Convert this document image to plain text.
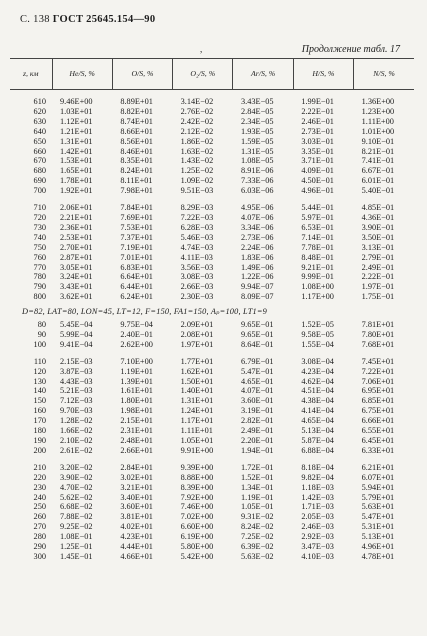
С. 138 ГОСТ 25645.154—90
,	Продолжение табл. 17
z, км	He/S, %	O/S, %	O₂/S, %	Ar/S, %	H/S, %	N/S, %

610	9.46E+00	8.89E+01	3.14E−02	3.43E−05	1.99E−01	1.36E+00
620	1.03E+01	8.82E+01	2.76E−02	2.84E−05	2.22E−01	1.23E+00
630	1.12E+01	8.74E+01	2.42E−02	2.34E−05	2.46E−01	1.11E+00
640	1.21E+01	8.66E+01	2.12E−02	1.93E−05	2.73E−01	1.01E+00
650	1.31E+01	8.56E+01	1.86E−02	1.59E−05	3.03E−01	9.10E−01
660	1.42E+01	8.46E+01	1.63E−02	1.31E−05	3.35E−01	8.21E−01
670	1.53E+01	8.35E+01	1.43E−02	1.08E−05	3.71E−01	7.41E−01
680	1.65E+01	8.24E+01	1.25E−02	8.91E−06	4.09E−01	6.67E−01
690	1.78E+01	8.11E+01	1.09E−02	7.33E−06	4.50E−01	6.01E−01
700	1.92E+01	7.98E+01	9.51E−03	6.03E−06	4.96E−01	5.40E−01

710	2.06E+01	7.84E+01	8.29E−03	4.95E−06	5.44E−01	4.85E−01
720	2.21E+01	7.69E+01	7.22E−03	4.07E−06	5.97E−01	4.36E−01
730	2.36E+01	7.53E+01	6.28E−03	3.34E−06	6.53E−01	3.90E−01
740	2.53E+01	7.37E+01	5.46E−03	2.73E−06	7.14E−01	3.50E−01
750	2.70E+01	7.19E+01	4.74E−03	2.24E−06	7.78E−01	3.13E−01
760	2.87E+01	7.01E+01	4.11E−03	1.83E−06	8.48E−01	2.79E−01
770	3.05E+01	6.83E+01	3.56E−03	1.49E−06	9.21E−01	2.49E−01
780	3.24E+01	6.64E+01	3.08E−03	1.22E−06	9.99E−01	2.22E−01
790	3.43E+01	6.44E+01	2.66E−03	9.94E−07	1.08E+00	1.97E−01
800	3.62E+01	6.24E+01	2.30E−03	8.09E−07	1.17E+00	1.75E−01
D=82, LAT=80, LON=45, LT=12, F=150, FA1=150, Aₚ=100, LT1=9						
80	5.45E−04	9.75E−04	2.09E+01	9.65E−01	1.52E−05	7.81E+01
90	5.99E−04	2.40E−01	2.08E+01	9.65E−01	9.58E−05	7.80E+01
100	9.41E−04	2.62E+00	1.97E+01	8.64E−01	1.55E−04	7.68E+01

110	2.15E−03	7.10E+00	1.77E+01	6.79E−01	3.08E−04	7.45E+01
120	3.87E−03	1.19E+01	1.62E+01	5.47E−01	4.23E−04	7.22E+01
130	4.43E−03	1.39E+01	1.50E+01	4.65E−01	4.62E−04	7.06E+01
140	5.21E−03	1.61E+01	1.40E+01	4.07E−01	4.51E−04	6.95E+01
150	7.12E−03	1.80E+01	1.31E+01	3.60E−01	4.38E−04	6.85E+01
160	9.70E−03	1.98E+01	1.24E+01	3.19E−01	4.14E−04	6.75E+01
170	1.28E−02	2.15E+01	1.17E+01	2.82E−01	4.65E−04	6.66E+01
180	1.66E−02	2.31E+01	1.11E+01	2.49E−01	5.13E−04	6.55E+01
190	2.10E−02	2.48E+01	1.05E+01	2.20E−01	5.87E−04	6.45E+01
200	2.61E−02	2.66E+01	9.91E+00	1.94E−01	6.88E−04	6.33E+01

210	3.20E−02	2.84E+01	9.39E+00	1.72E−01	8.18E−04	6.21E+01
220	3.90E−02	3.02E+01	8.88E+00	1.52E−01	9.82E−04	6.07E+01
230	4.70E−02	3.21E+01	8.39E+00	1.34E−01	1.18E−03	5.94E+01
240	5.62E−02	3.40E+01	7.92E+00	1.19E−01	1.42E−03	5.79E+01
250	6.68E−02	3.60E+01	7.46E+00	1.05E−01	1.71E−03	5.63E+01
260	7.88E−02	3.81E+01	7.02E+00	9.31E−02	2.05E−03	5.47E+01
270	9.25E−02	4.02E+01	6.60E+00	8.24E−02	2.46E−03	5.31E+01
280	1.08E−01	4.23E+01	6.19E+00	7.25E−02	2.92E−03	5.13E+01
290	1.25E−01	4.44E+01	5.80E+00	6.39E−02	3.47E−03	4.96E+01
300	1.45E−01	4.66E+01	5.42E+00	5.63E−02	4.10E−03	4.78E+01
